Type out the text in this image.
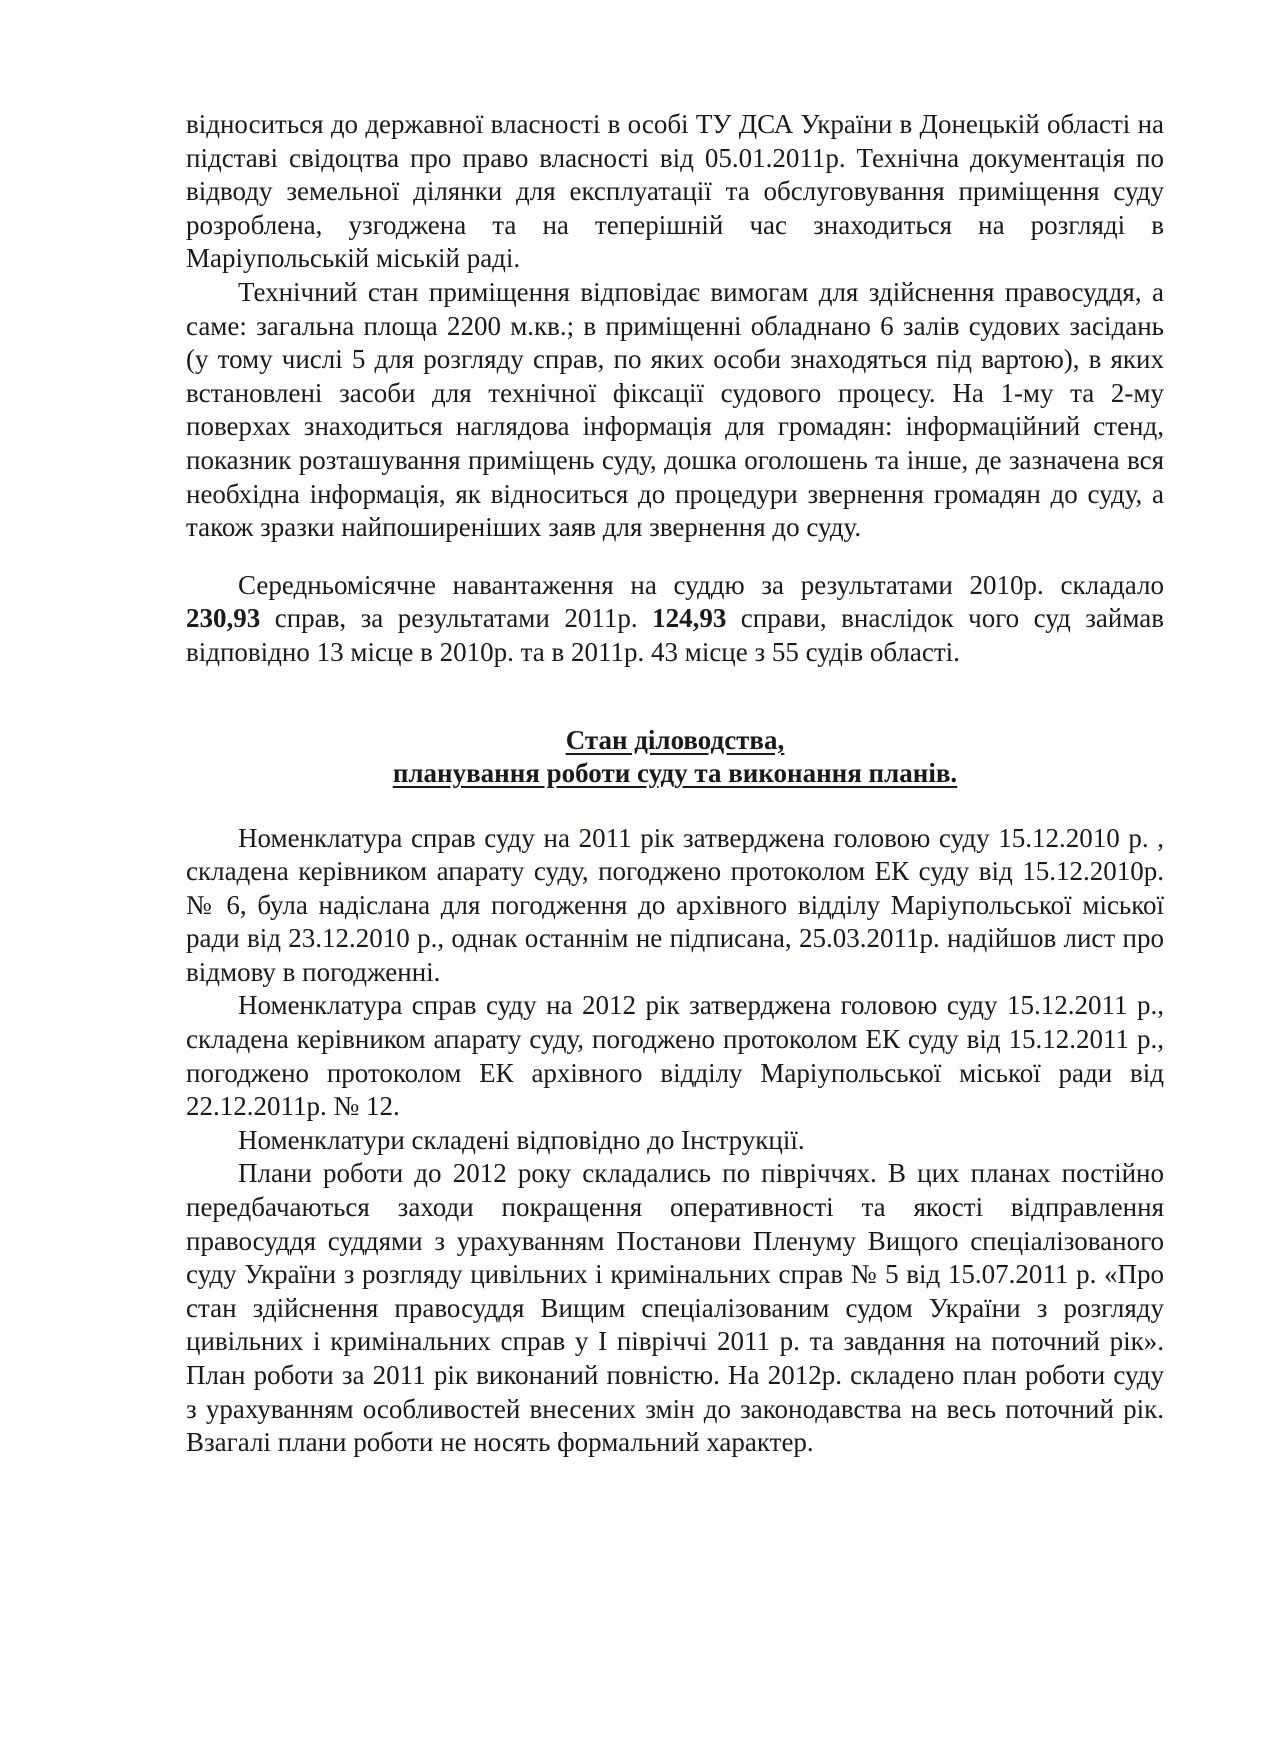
відноситься до державної власності в особі ТУ ДСА України в Донецькій області на підставі свідоцтва про право власності від 05.01.2011р. Технічна документація по відводу земельної ділянки для експлуатації та обслуговування приміщення суду розроблена, узгоджена та на теперішній час знаходиться на розгляді в Маріупольській міській раді.

Технічний стан приміщення відповідає вимогам для здійснення правосуддя, а саме: загальна площа 2200 м.кв.; в приміщенні обладнано 6 залів судових засідань (у тому числі 5 для розгляду справ, по яких особи знаходяться під вартою), в яких встановлені засоби для технічної фіксації судового процесу. На 1-му та 2-му поверхах знаходиться наглядова інформація для громадян: інформаційний стенд, показник розташування приміщень суду, дошка оголошень та інше, де зазначена вся необхідна інформація, як відноситься до процедури звернення громадян до суду, а також зразки найпоширеніших заяв для звернення до суду.

Середньомісячне навантаження на суддю за результатами 2010р. складало 230,93 справ, за результатами 2011р. 124,93 справи, внаслідок чого суд займав відповідно 13 місце в 2010р. та в 2011р. 43 місце з 55 судів області.

Стан діловодства,
планування роботи суду та виконання планів.

Номенклатура справ суду на 2011 рік затверджена головою суду 15.12.2010 р. , складена керівником апарату суду, погоджено протоколом ЕК суду від 15.12.2010р. № 6, була надіслана для погодження до архівного відділу Маріупольської міської ради від 23.12.2010 р., однак останнім не підписана, 25.03.2011р. надійшов лист про відмову в погодженні.

Номенклатура справ суду на 2012 рік затверджена головою суду 15.12.2011 р., складена керівником апарату суду, погоджено протоколом ЕК суду від 15.12.2011 р., погоджено протоколом ЕК архівного відділу Маріупольської міської ради від 22.12.2011р. № 12.

Номенклатури складені відповідно до Інструкції.

Плани роботи до 2012 року складались по півріччях. В цих планах постійно передбачаються заходи покращення оперативності та якості відправлення правосуддя суддями з урахуванням Постанови Пленуму Вищого спеціалізованого суду України з розгляду цивільних і кримінальних справ № 5 від 15.07.2011 р. «Про стан здійснення правосуддя Вищим спеціалізованим судом України з розгляду цивільних і кримінальних справ у І півріччі 2011 р. та завдання на поточний рік». План роботи за 2011 рік виконаний повністю. На 2012р. складено план роботи суду з урахуванням особливостей внесених змін до законодавства на весь поточний рік. Взагалі плани роботи не носять формальний характер.
